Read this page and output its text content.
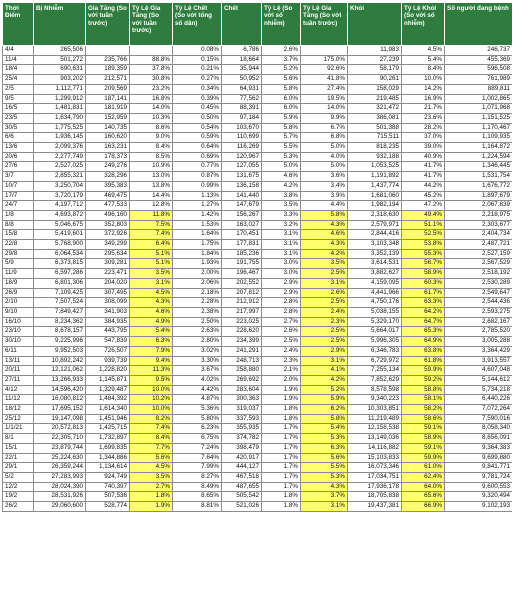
Thời Điểm	Bị Nhiễm	Gia Tăng (So với tuần trước)	Tỷ Lệ Gia Tăng (So với tuần trước)	Tỷ Lệ Chết (So với tổng số dân)	Chết	Tỷ Lệ (So với số nhiễm)	Tỷ Lệ Gia Tăng (So với tuần trước)	Khỏi	Tỷ Lệ Khỏi (So với số nhiễm)	Số người đang bệnh
4/4	265,506			0.08%	6,786	2.6%		11,983	4.5%	246,737
11/4	501,272	235,766	88.8%	0.15%	18,664	3.7%	175.0%	27,239	5.4%	455,369
18/4	690,631	189,359	37.8%	0.21%	35,944	5.2%	92.6%	58,179	8.4%	596,508
25/4	903,202	212,571	30.8%	0.27%	50,952	5.6%	41.8%	90,261	10.0%	761,989
2/5	1,112,771	209,569	23.2%	0.34%	64,931	5.8%	27.4%	158,029	14.2%	889,811
9/5	1,299,912	187,141	16.8%	0.39%	77,562	6.0%	19.5%	219,485	16.9%	1,002,865
16/5	1,481,831	181,919	14.0%	0.45%	88,391	6.0%	14.0%	321,472	21.7%	1,071,968
23/5	1,634,790	152,959	10.3%	0.50%	97,184	5.9%	9.9%	386,081	23.6%	1,151,525
30/5	1,775,525	140,735	8.6%	0.54%	103,670	5.8%	6.7%	501,388	28.2%	1,170,467
6/6	1,936,145	160,620	9.0%	0.59%	110,699	5.7%	6.8%	715,511	37.0%	1,109,935
13/6	2,099,376	163,231	8.4%	0.64%	116,269	5.5%	5.0%	818,235	39.0%	1,164,872
20/6	2,277,749	178,373	8.5%	0.69%	120,967	5.3%	4.0%	932,188	40.9%	1,224,594
27/6	2,527,025	249,276	10.9%	0.77%	127,055	5.0%	5.0%	1,053,525	41.7%	1,346,445
3/7	2,855,321	328,296	13.0%	0.87%	131,675	4.6%	3.6%	1,191,892	41.7%	1,531,754
10/7	3,250,704	395,383	13.8%	0.99%	136,158	4.2%	3.4%	1,437,774	44.2%	1,676,772
17/7	3,720,179	469,475	14.4%	1.13%	141,440	3.8%	3.9%	1,681,060	45.2%	1,897,679
24/7	4,197,712	477,533	12.8%	1.27%	147,679	3.5%	4.4%	1,982,194	47.2%	2,067,839
1/8	4,693,872	496,160	11.8%	1.42%	156,267	3.3%	5.8%	2,318,630	49.4%	2,218,975
8/8	5,046,675	352,803	7.5%	1.53%	163,027	3.2%	4.3%	2,579,971	51.1%	2,303,677
15/8	5,419,601	372,926	7.4%	1.64%	170,451	3.1%	4.6%	2,844,416	52.5%	2,404,734
22/8	5,768,900	349,299	6.4%	1.75%	177,831	3.1%	4.3%	3,103,348	53.8%	2,487,721
29/8	6,064,534	295,634	5.1%	1.84%	185,236	3.1%	4.2%	3,352,139	55.3%	2,527,159
5/9	6,373,815	309,281	5.1%	1.93%	191,755	3.0%	3.5%	3,614,531	56.7%	2,567,529
11/9	6,597,286	223,471	3.5%	2.00%	196,467	3.0%	2.5%	3,882,627	58.9%	2,518,192
18/9	6,801,306	204,020	3.1%	2.06%	202,552	2.9%	3.1%	4,159,095	60.3%	2,530,289
26/9	7,109,425	307,495	4.5%	2.18%	207,812	2.9%	2.6%	4,441,966	61.7%	2,549,647
2/10	7,507,524	308,099	4.3%	2.28%	212,912	2.8%	2.5%	4,750,176	63.3%	2,544,436
9/10	7,849,427	341,903	4.6%	2.38%	217,997	2.8%	2.4%	5,038,155	64.2%	2,593,275
16/10	8,234,362	384,935	4.9%	2.50%	223,025	2.7%	2.3%	5,329,170	64.7%	2,682,167
23/10	8,678,157	443,795	5.4%	2.63%	228,620	2.6%	2.5%	5,664,017	65.3%	2,785,520
30/10	9,225,996	547,839	6.3%	2.80%	234,399	2.5%	2.5%	5,996,305	64.9%	3,005,288
6/11	9,952,503	726,507	7.9%	3.02%	241,291	2.4%	2.9%	6,346,783	63.8%	3,364,429
13/11	10,892,242	939,739	9.4%	3.30%	248,713	2.3%	3.1%	6,729,972	61.8%	3,913,557
20/11	12,121,062	1,228,820	11.3%	3.67%	258,880	2.1%	4.1%	7,255,134	59.9%	4,607,048
27/11	13,266,933	1,145,871	9.5%	4.02%	269,692	2.0%	4.2%	7,852,629	59.2%	5,144,612
4/12	14,596,420	1,329,487	10.0%	4.42%	283,604	1.9%	5.2%	8,578,598	58.8%	5,734,218
11/12	16,080,812	1,484,392	10.2%	4.87%	300,363	1.9%	5.9%	9,340,223	58.1%	6,440,226
18/12	17,695,152	1,614,340	10.0%	5.36%	319,037	1.8%	6.2%	10,303,851	58.2%	7,072,264
25/12	19,147,098	1,451,946	8.2%	5.80%	337,593	1.8%	5.8%	11,219,489	58.6%	7,590,016
1/1/21	20,572,813	1,425,715	7.4%	6.23%	355,935	1.7%	5.4%	12,158,538	59.1%	8,058,340
8/1	22,305,710	1,732,897	8.4%	6.75%	374,782	1.7%	5.3%	13,149,036	58.9%	8,656,091
15/1	23,879,744	1,699,835	7.7%	7.24%	398,479	1.7%	6.3%	14,116,882	59.1%	9,364,383
22/1	25,224,630	1,344,886	5.6%	7.64%	420,917	1.7%	5.6%	15,103,833	59.9%	9,699,880
29/1	26,359,244	1,134,614	4.5%	7.99%	444,127	1.7%	5.5%	16,073,346	61.0%	9,841,771
5/2	27,283,993	924,749	3.5%	8.27%	467,518	1.7%	5.3%	17,034,751	62.4%	9,781,724
12/2	28,024,390	740,397	2.7%	8.49%	487,655	1.7%	4.3%	17,936,178	64.0%	9,600,553
19/2	28,531,926	507,536	1.8%	8.65%	505,542	1.8%	3.7%	18,705,838	65.6%	9,320,494
26/2	29,060,600	528,774	1.9%	8.81%	521,026	1.8%	3.1%	19,437,381	66.9%	9,102,193
